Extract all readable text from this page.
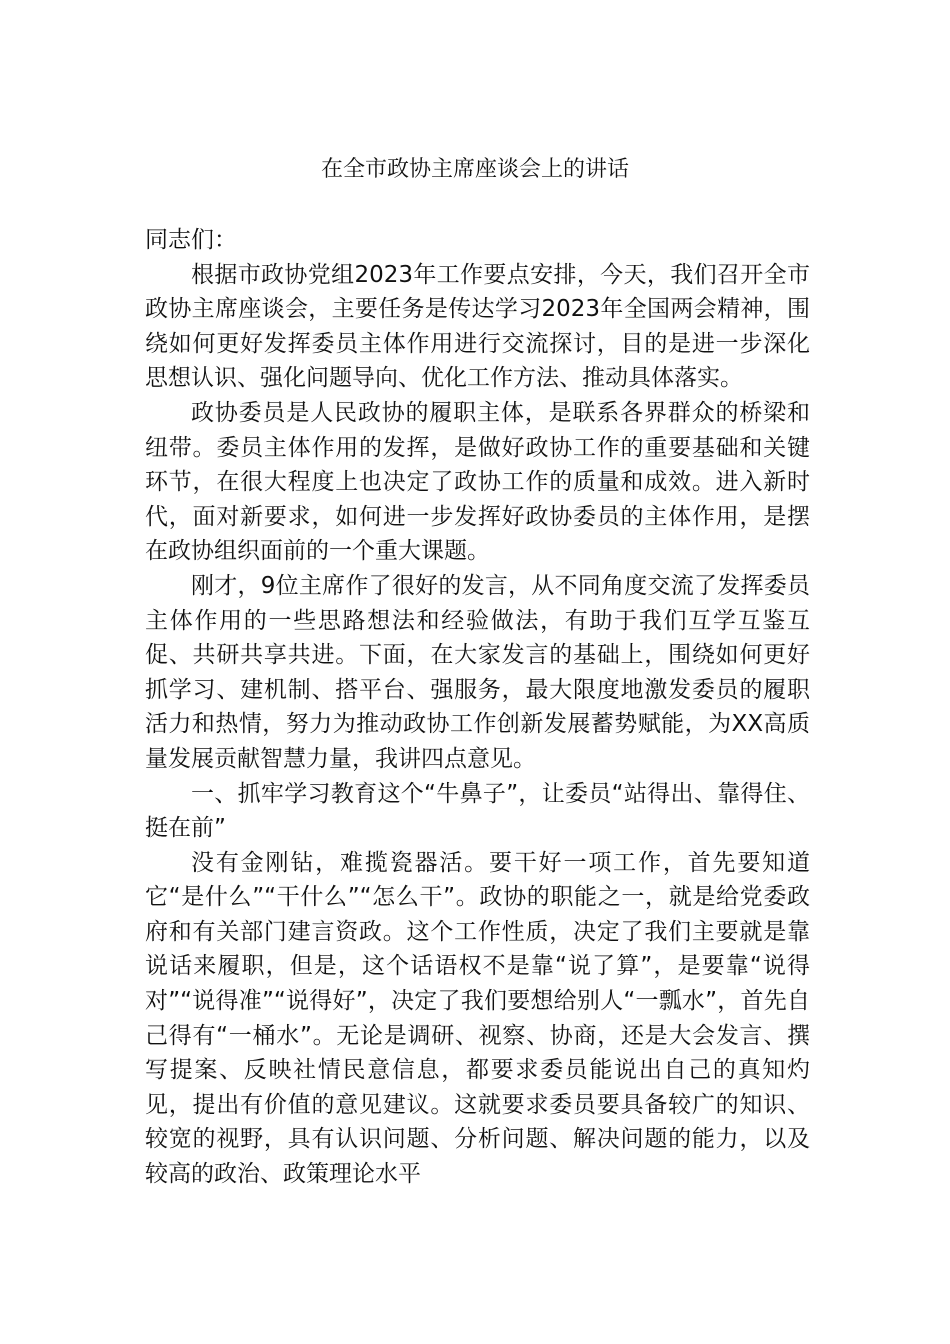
在全市政协主席座谈会上的讲话

同志们：

根据市政协党组2023年工作要点安排，今天，我们召开全市政协主席座谈会，主要任务是传达学习2023年全国两会精神，围绕如何更好发挥委员主体作用进行交流探讨，目的是进一步深化思想认识、强化问题导向、优化工作方法、推动具体落实。

政协委员是人民政协的履职主体，是联系各界群众的桥梁和纽带。委员主体作用的发挥，是做好政协工作的重要基础和关键环节，在很大程度上也决定了政协工作的质量和成效。进入新时代，面对新要求，如何进一步发挥好政协委员的主体作用，是摆在政协组织面前的一个重大课题。

刚才，9位主席作了很好的发言，从不同角度交流了发挥委员主体作用的一些思路想法和经验做法，有助于我们互学互鉴互促、共研共享共进。下面，在大家发言的基础上，围绕如何更好抓学习、建机制、搭平台、强服务，最大限度地激发委员的履职活力和热情，努力为推动政协工作创新发展蓄势赋能，为XX高质量发展贡献智慧力量，我讲四点意见。

一、抓牢学习教育这个“牛鼻子”，让委员“站得出、靠得住、挺在前”

没有金刚钻，难揽瓷器活。要干好一项工作，首先要知道它“是什么”“干什么”“怎么干”。政协的职能之一，就是给党委政府和有关部门建言资政。这个工作性质，决定了我们主要就是靠说话来履职，但是，这个话语权不是靠“说了算”，是要靠“说得对”“说得准”“说得好”，决定了我们要想给别人“一瓢水”，首先自己得有“一桶水”。无论是调研、视察、协商，还是大会发言、撰写提案、反映社情民意信息，都要求委员能说出自己的真知灼见，提出有价值的意见建议。这就要求委员要具备较广的知识、较宽的视野，具有认识问题、分析问题、解决问题的能力，以及较高的政治、政策理论水平
